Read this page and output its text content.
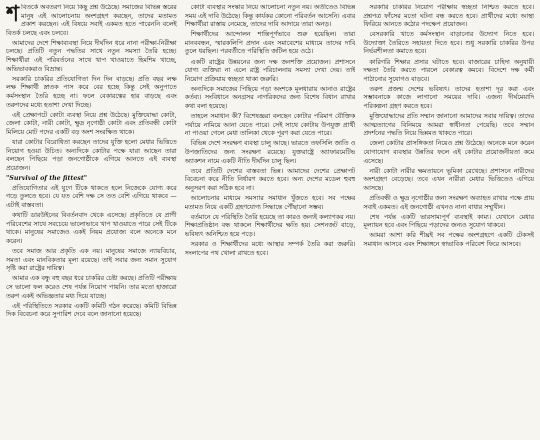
শ বিতর্কে অবতরণ নিয়ে কিছু প্রশ্ন উঠেছে। সমাজের বিভিন্ন স্তরের মানুষ এই আলোচনায় অংশগ্রহণ করছেন, তাদের মতামত প্রকাশ করছেন। এই বিষয়ে সবাই একমত হতে পারেননি বলেই বিতর্ক চলছে এবং চলবে।

আমাদের দেশে শিক্ষাব্যবস্থা নিয়ে দীর্ঘদিন ধরে নানা পরীক্ষা-নিরীক্ষা চলছে। প্রতিটি নতুন পদ্ধতির সাথে নতুন সমস্যা তৈরি হচ্ছে। শিক্ষার্থীরা এই পরিবর্তনের সাথে খাপ খাওয়াতে হিমশিম খাচ্ছে, অভিভাবকরাও বিভ্রান্ত।

সরকারি চাকরির প্রতিযোগিতা দিন দিন বাড়ছে। প্রতি বছর লক্ষ লক্ষ শিক্ষার্থী স্নাতক পাস করে বের হচ্ছে কিন্তু সেই অনুপাতে কর্মসংস্থান তৈরি হচ্ছে না। ফলে বেকারত্বের হার বাড়ছে এবং তরুণদের মধ্যে হতাশা দেখা দিচ্ছে।

এই প্রেক্ষাপটে কোটা ব্যবস্থা নিয়ে প্রশ্ন উঠেছে। মুক্তিযোদ্ধা কোটা, জেলা কোটা, নারী কোটা, ক্ষুদ্র নৃগোষ্ঠী কোটা এবং প্রতিবন্ধী কোটা মিলিয়ে মোট পদের একটি বড় অংশ সংরক্ষিত থাকে।

যারা কোটার বিরোধিতা করছেন তাদের যুক্তি হলো মেধার ভিত্তিতে নিয়োগ হওয়া উচিত। অন্যদিকে কোটার পক্ষে যারা আছেন তারা বলছেন পিছিয়ে পড়া জনগোষ্ঠীকে এগিয়ে আনতে এই ব্যবস্থা প্রয়োজন।

"Survival of the fittest"

প্রতিযোগিতার এই যুগে টিকে থাকতে হলে নিজেকে যোগ্য করে গড়ে তুলতে হবে। যে যত বেশি দক্ষ সে তত বেশি এগিয়ে থাকবে — এটাই বাস্তবতা।

কথাটি ডারউইনের বিবর্তনবাদ থেকে এসেছে। প্রকৃতিতে যে প্রাণী পরিবেশের সাথে সবচেয়ে ভালোভাবে খাপ খাওয়াতে পারে সেই টিকে থাকে। মানুষের সমাজেও একই নিয়ম প্রযোজ্য বলে অনেকে মনে করেন।

তবে সমাজ আর প্রকৃতি এক নয়। মানুষের সমাজে ন্যায়বিচার, সমতা এবং মানবিকতার মূল্য রয়েছে। তাই সবার জন্য সমান সুযোগ সৃষ্টি করা রাষ্ট্রের দায়িত্ব।

আমার এক বন্ধু বহু বছর ধরে চাকরির চেষ্টা করছে। প্রতিটি পরীক্ষায় সে ভালো ফল করেও শেষ পর্যন্ত নিয়োগ পায়নি। তার মতো হাজারো তরুণ একই অভিজ্ঞতার মধ্য দিয়ে যাচ্ছে।

এই পরিস্থিতিতে সরকার একটি কমিটি গঠন করেছে। কমিটি বিভিন্ন দিক বিবেচনা করে সুপারিশ দেবে বলে জানানো হয়েছে।

কোটা ব্যবস্থার সংস্কার নিয়ে আলোচনা নতুন নয়। অতীতেও বিভিন্ন সময় এই দাবি উঠেছে। কিন্তু কার্যকর কোনো পরিবর্তন আসেনি। এবার শিক্ষার্থীরা রাস্তায় নেমেছে, তাদের দাবি আদায়ে তারা অনড়।

শিক্ষার্থীদের আন্দোলন শান্তিপূর্ণভাবে শুরু হয়েছিল। তারা মানববন্ধন, স্মারকলিপি প্রদান এবং সমাবেশের মাধ্যমে তাদের দাবি তুলে ধরছিল। পরবর্তীতে পরিস্থিতি জটিল হয়ে ওঠে।

একটি রাষ্ট্রের উন্নয়নের জন্য দক্ষ জনশক্তি প্রয়োজন। প্রশাসনে যোগ্য ব্যক্তিরা না এলে রাষ্ট্র পরিচালনায় সমস্যা দেখা দেয়। তাই নিয়োগ প্রক্রিয়ায় স্বচ্ছতা থাকা জরুরি।

অন্যদিকে সমাজের পিছিয়ে পড়া অংশকে মূলধারায় আনাও রাষ্ট্রের কর্তব্য। সংবিধানে অনগ্রসর নাগরিকদের জন্য বিশেষ বিধান রাখার কথা বলা হয়েছে।

তাহলে সমাধান কী? বিশেষজ্ঞরা বলছেন কোটার পরিমাণ যৌক্তিক পর্যায়ে নামিয়ে আনা যেতে পারে। সেই সাথে কোটায় উপযুক্ত প্রার্থী না পাওয়া গেলে মেধা তালিকা থেকে পূরণ করা যেতে পারে।

বিভিন্ন দেশে সংরক্ষণ ব্যবস্থা চালু আছে। ভারতে তফসিলি জাতি ও উপজাতিদের জন্য সংরক্ষণ রয়েছে। যুক্তরাষ্ট্রে অ্যাফারমেটিভ অ্যাকশন নামে একটি নীতি দীর্ঘদিন চালু ছিল।

তবে প্রতিটি দেশের বাস্তবতা ভিন্ন। আমাদের দেশের প্রেক্ষাপট বিবেচনা করে নীতি নির্ধারণ করতে হবে। অন্য দেশের মডেল হুবহু অনুসরণ করা সঠিক হবে না।

আলোচনার মাধ্যমে সমস্যার সমাধান খুঁজতে হবে। সব পক্ষের মতামত নিয়ে একটি গ্রহণযোগ্য সিদ্ধান্তে পৌঁছানো সম্ভব।

বর্তমানে যে পরিস্থিতি তৈরি হয়েছে তা কারও জন্যই কল্যাণকর নয়। শিক্ষাপ্রতিষ্ঠান বন্ধ থাকলে শিক্ষার্থীদের ক্ষতি হয়। সেশনজট বাড়ে, ভবিষ্যৎ অনিশ্চিত হয়ে পড়ে।

সরকার ও শিক্ষার্থীদের মধ্যে আস্থার সম্পর্ক তৈরি করা জরুরি। সংলাপের পথ খোলা রাখতে হবে।

সরকারি চাকরির নিয়োগ পরীক্ষায় স্বচ্ছতা নিশ্চিত করতে হবে। প্রশ্নপত্র ফাঁসের মতো ঘটনা বন্ধ করতে হবে। প্রার্থীদের মধ্যে আস্থা ফিরিয়ে আনতে কঠোর পদক্ষেপ প্রয়োজন।

বেসরকারি খাতে কর্মসংস্থান বাড়ানোর উদ্যোগ নিতে হবে। উদ্যোক্তা তৈরিতে সহায়তা দিতে হবে। শুধু সরকারি চাকরির উপর নির্ভরশীলতা কমাতে হবে।

কারিগরি শিক্ষার প্রসার ঘটাতে হবে। বাজারের চাহিদা অনুযায়ী দক্ষতা তৈরি করতে পারলে বেকারত্ব কমবে। বিদেশে দক্ষ কর্মী পাঠানোর সুযোগও বাড়বে।

তরুণ প্রজন্ম দেশের ভবিষ্যৎ। তাদের হতাশা দূর করা এবং সম্ভাবনাকে কাজে লাগানো সময়ের দাবি। এজন্য দীর্ঘমেয়াদি পরিকল্পনা গ্রহণ করতে হবে।

মুক্তিযোদ্ধাদের প্রতি সম্মান জানানো আমাদের সবার দায়িত্ব। তাদের আত্মত্যাগের বিনিময়ে আমরা স্বাধীনতা পেয়েছি। তবে সম্মান প্রদর্শনের পদ্ধতি নিয়ে ভিন্নমত থাকতে পারে।

জেলা কোটার প্রাসঙ্গিকতা নিয়েও প্রশ্ন উঠেছে। অনেকে মনে করেন যোগাযোগ ব্যবস্থার উন্নতির ফলে এই কোটার প্রয়োজনীয়তা কমে এসেছে।

নারী কোটা নারীর ক্ষমতায়নে ভূমিকা রেখেছে। প্রশাসনে নারীদের অংশগ্রহণ বেড়েছে। তবে এখন নারীরা মেধার ভিত্তিতেও এগিয়ে আসছে।

প্রতিবন্ধী ও ক্ষুদ্র নৃগোষ্ঠীর জন্য সংরক্ষণ অব্যাহত রাখার পক্ষে প্রায় সবাই একমত। এই জনগোষ্ঠী এখনও নানা বাধার সম্মুখীন।

শেষ পর্যন্ত একটি ভারসাম্যপূর্ণ ব্যবস্থাই কাম্য। যেখানে মেধার মূল্যায়ন হবে এবং পিছিয়ে পড়াদের জন্যও সুযোগ থাকবে।

আমরা আশা করি শীঘ্রই সব পক্ষের অংশগ্রহণে একটি টেকসই সমাধান আসবে এবং শিক্ষাঙ্গনে স্বাভাবিক পরিবেশ ফিরে আসবে।
